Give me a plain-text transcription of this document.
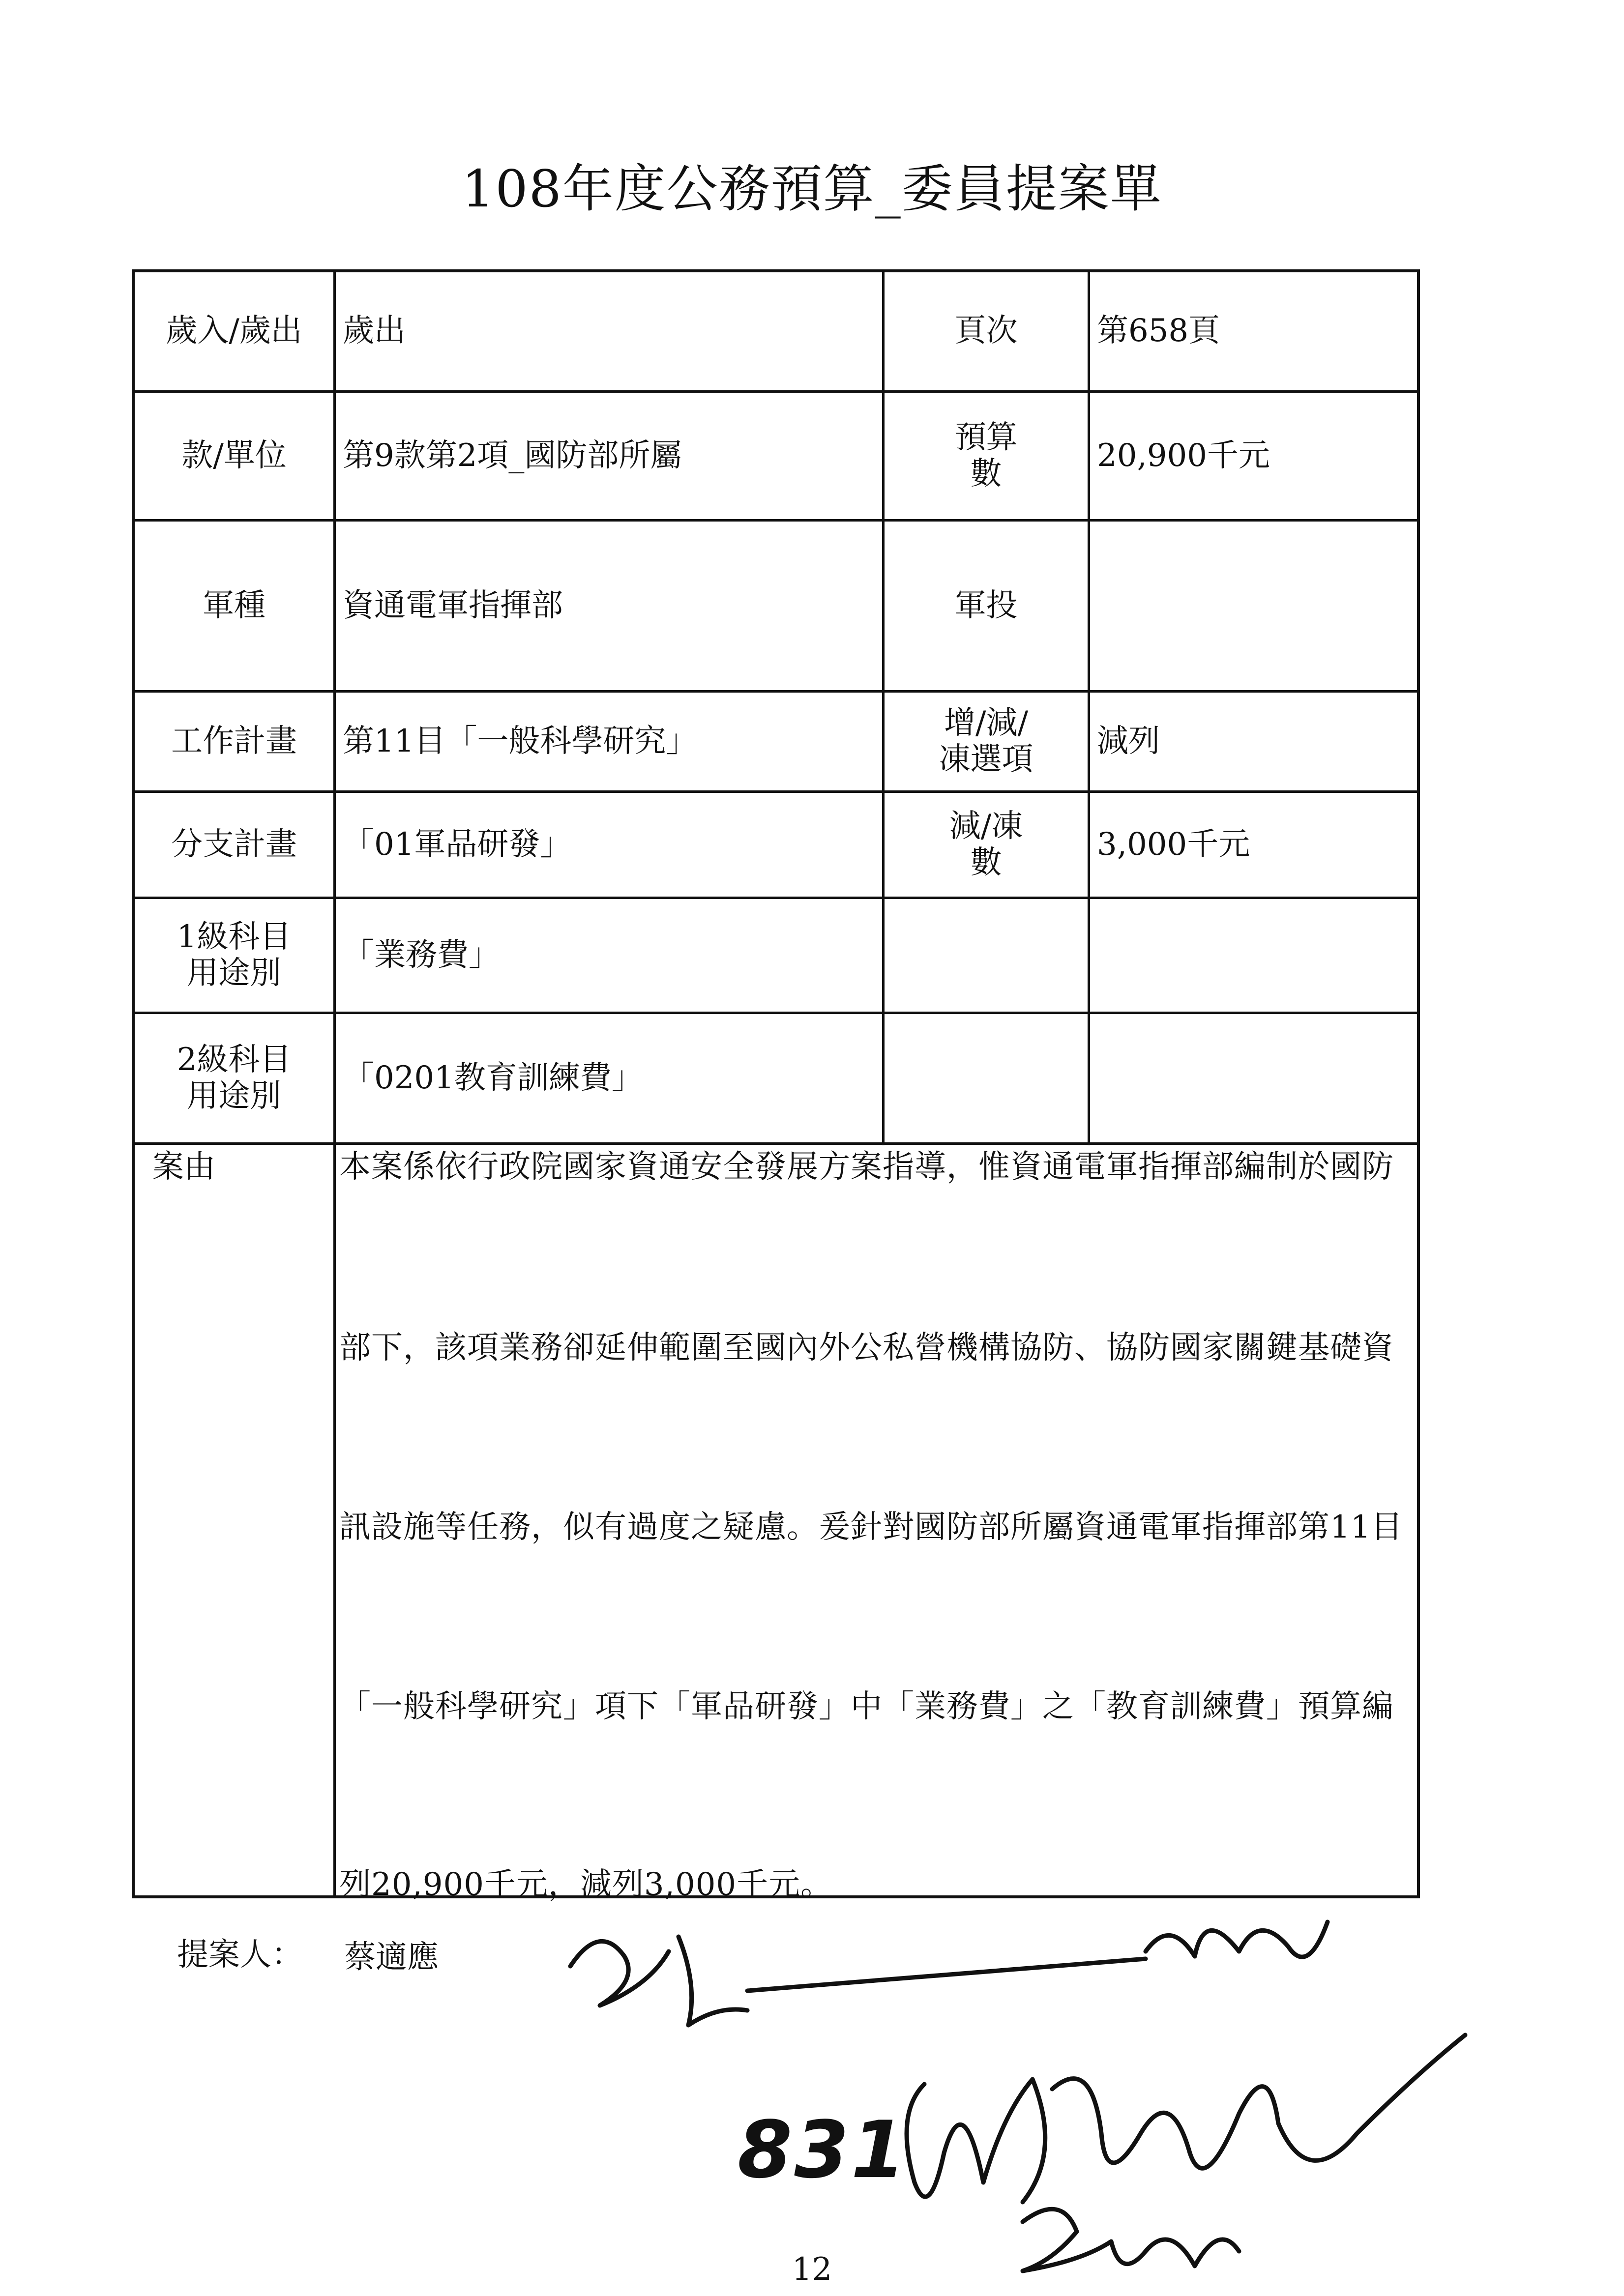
108年度公務預算_委員提案單
歲入/歲出	歲出	頁次	第658頁
款/單位	第9款第2項_國防部所屬	預算數	20,900千元
軍種	資通電軍指揮部	軍投
工作計畫	第11目「一般科學研究」	增/減/凍選項	減列
分支計畫	「01軍品研發」	減/凍數	3,000千元
1級科目用途別	「業務費」
2級科目用途別	「0201教育訓練費」
案由	本案係依行政院國家資通安全發展方案指導，惟資通電軍指揮部編制於國防
部下，該項業務卻延伸範圍至國內外公私營機構協防、協防國家關鍵基礎資
訊設施等任務，似有過度之疑慮。爰針對國防部所屬資通電軍指揮部第11目
「一般科學研究」項下「軍品研發」中「業務費」之「教育訓練費」預算編
列20,900千元，減列3,000千元。
提案人： 蔡適應
831
12
